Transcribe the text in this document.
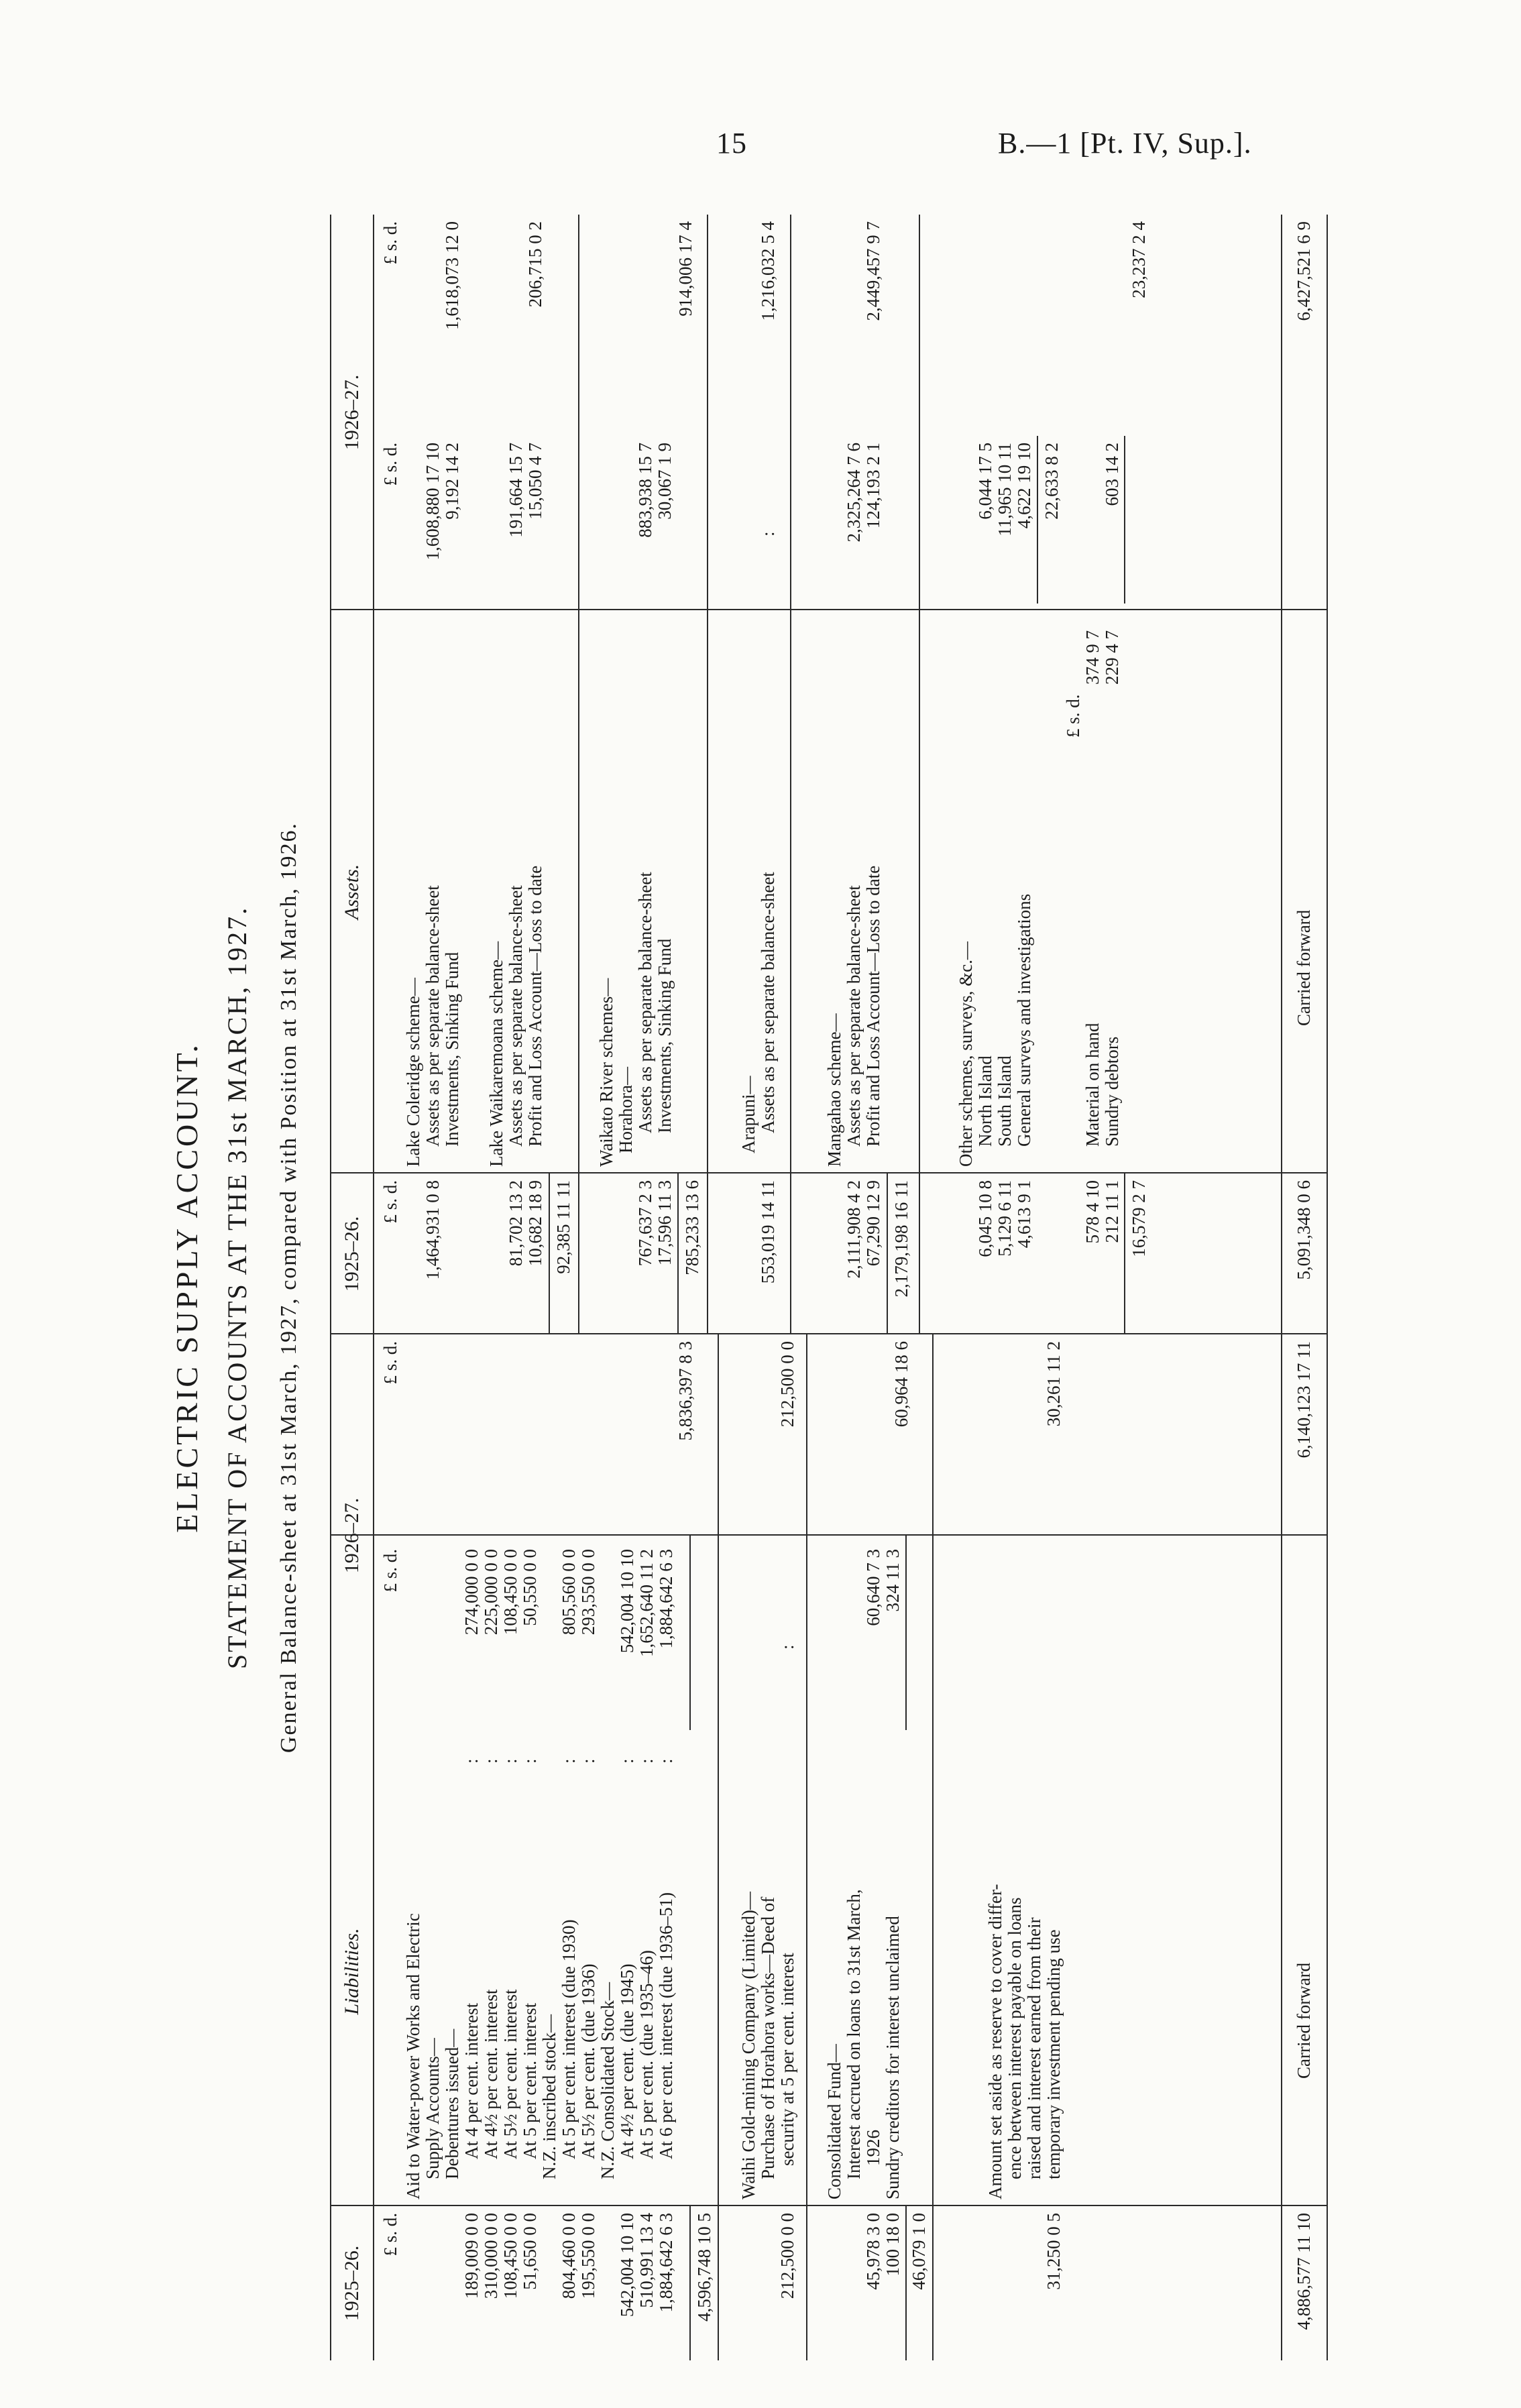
15	B.—1 [Pt. IV, Sup.].
ELECTRIC SUPPLY ACCOUNT. STATEMENT OF ACCOUNTS AT THE 31st MARCH, 1927. General Balance-sheet at 31st March, 1927, compared with Position at 31st March, 1926.
1925–26.
Liabilities.
1926–27.
1925–26.
Assets.
1926–27.
£ s. d.
£ s. d.
£ s. d.
£ s. d.
£ s. d.
£ s. d.
4,596,748 10 5
5,836,397 8 3
Waihi Gold-mining Company (Limited)— Purchase of Horahora works—Deed of security at 5 per cent. interest
212,500 0 0
212,500 0 0
:
Consolidated Fund— Interest accrued on loans to 31st March, 1926
45,978 3 0
60,640 7 3
Sundry creditors for interest unclaimed
100 18 0
324 11 3
46,079 1 0
60,964 18 6
Amount set aside as reserve to cover differ- ence between interest payable on loans raised and interest earned from their temporary investment pending use
31,250 0 5
30,261 11 2
Carried forward
4,886,577 11 10
6,140,123 17 11
Lake Coleridge scheme— Assets as per separate balance-sheet
1,464,931 0 8
1,608,880 17 10
Investments, Sinking Fund
9,192 14 2
1,618,073 12 0
Lake Waikaremoana scheme— Assets as per separate balance-sheet
81,702 13 2
191,664 15 7
Profit and Loss Account—Loss to date
10,682 18 9
15,050 4 7
92,385 11 11
206,715 0 2
Waikato River schemes— Horahora— Assets as per separate balance-sheet
767,637 2 3
883,938 15 7
Investments, Sinking Fund
17,596 11 3
30,067 1 9
785,233 13 6
914,006 17 4
Arapuni— Assets as per separate balance-sheet
553,019 14 11
:
1,216,032 5 4
Mangahao scheme— Assets as per separate balance-sheet
2,111,908 4 2
2,325,264 7 6
Profit and Loss Account—Loss to date
67,290 12 9
124,193 2 1
2,179,198 16 11
2,449,457 9 7
Other schemes, surveys, &c.— North Island
6,045 10 8
6,044 17 5
South Island
5,129 6 11
11,965 10 11
General surveys and investigations
4,613 9 1
4,622 19 10 22,633 8 2
£ s. d.
Material on hand
374 9 7
578 4 10
Sundry debtors
229 4 7
212 11 1
603 14 2
16,579 2 7
23,237 2 4
Carried forward
5,091,348 0 6
6,427,521 6 9
Aid to Water-power Works and Electric Supply Accounts— Debentures issued— At 4 per cent. interest
:
189,009 0 0
274,000 0 0
At 4½ per cent. interest
:
310,000 0 0
225,000 0 0
At 5½ per cent. interest
:
108,450 0 0
108,450 0 0
At 5 per cent. interest
:
51,650 0 0
50,550 0 0
N.Z. inscribed stock— At 5 per cent. interest (due 1930)
:
804,460 0 0
805,560 0 0
At 5½ per cent. (due 1936)
:
195,550 0 0
293,550 0 0
N.Z. Consolidated Stock— At 4½ per cent. (due 1945)
:
542,004 10 10
542,004 10 10
At 5 per cent. (due 1935–46)
:
510,991 13 4
1,652,640 11 2
At 6 per cent. interest (due 1936–51)
:
1,884,642 6 3
1,884,642 6 3
